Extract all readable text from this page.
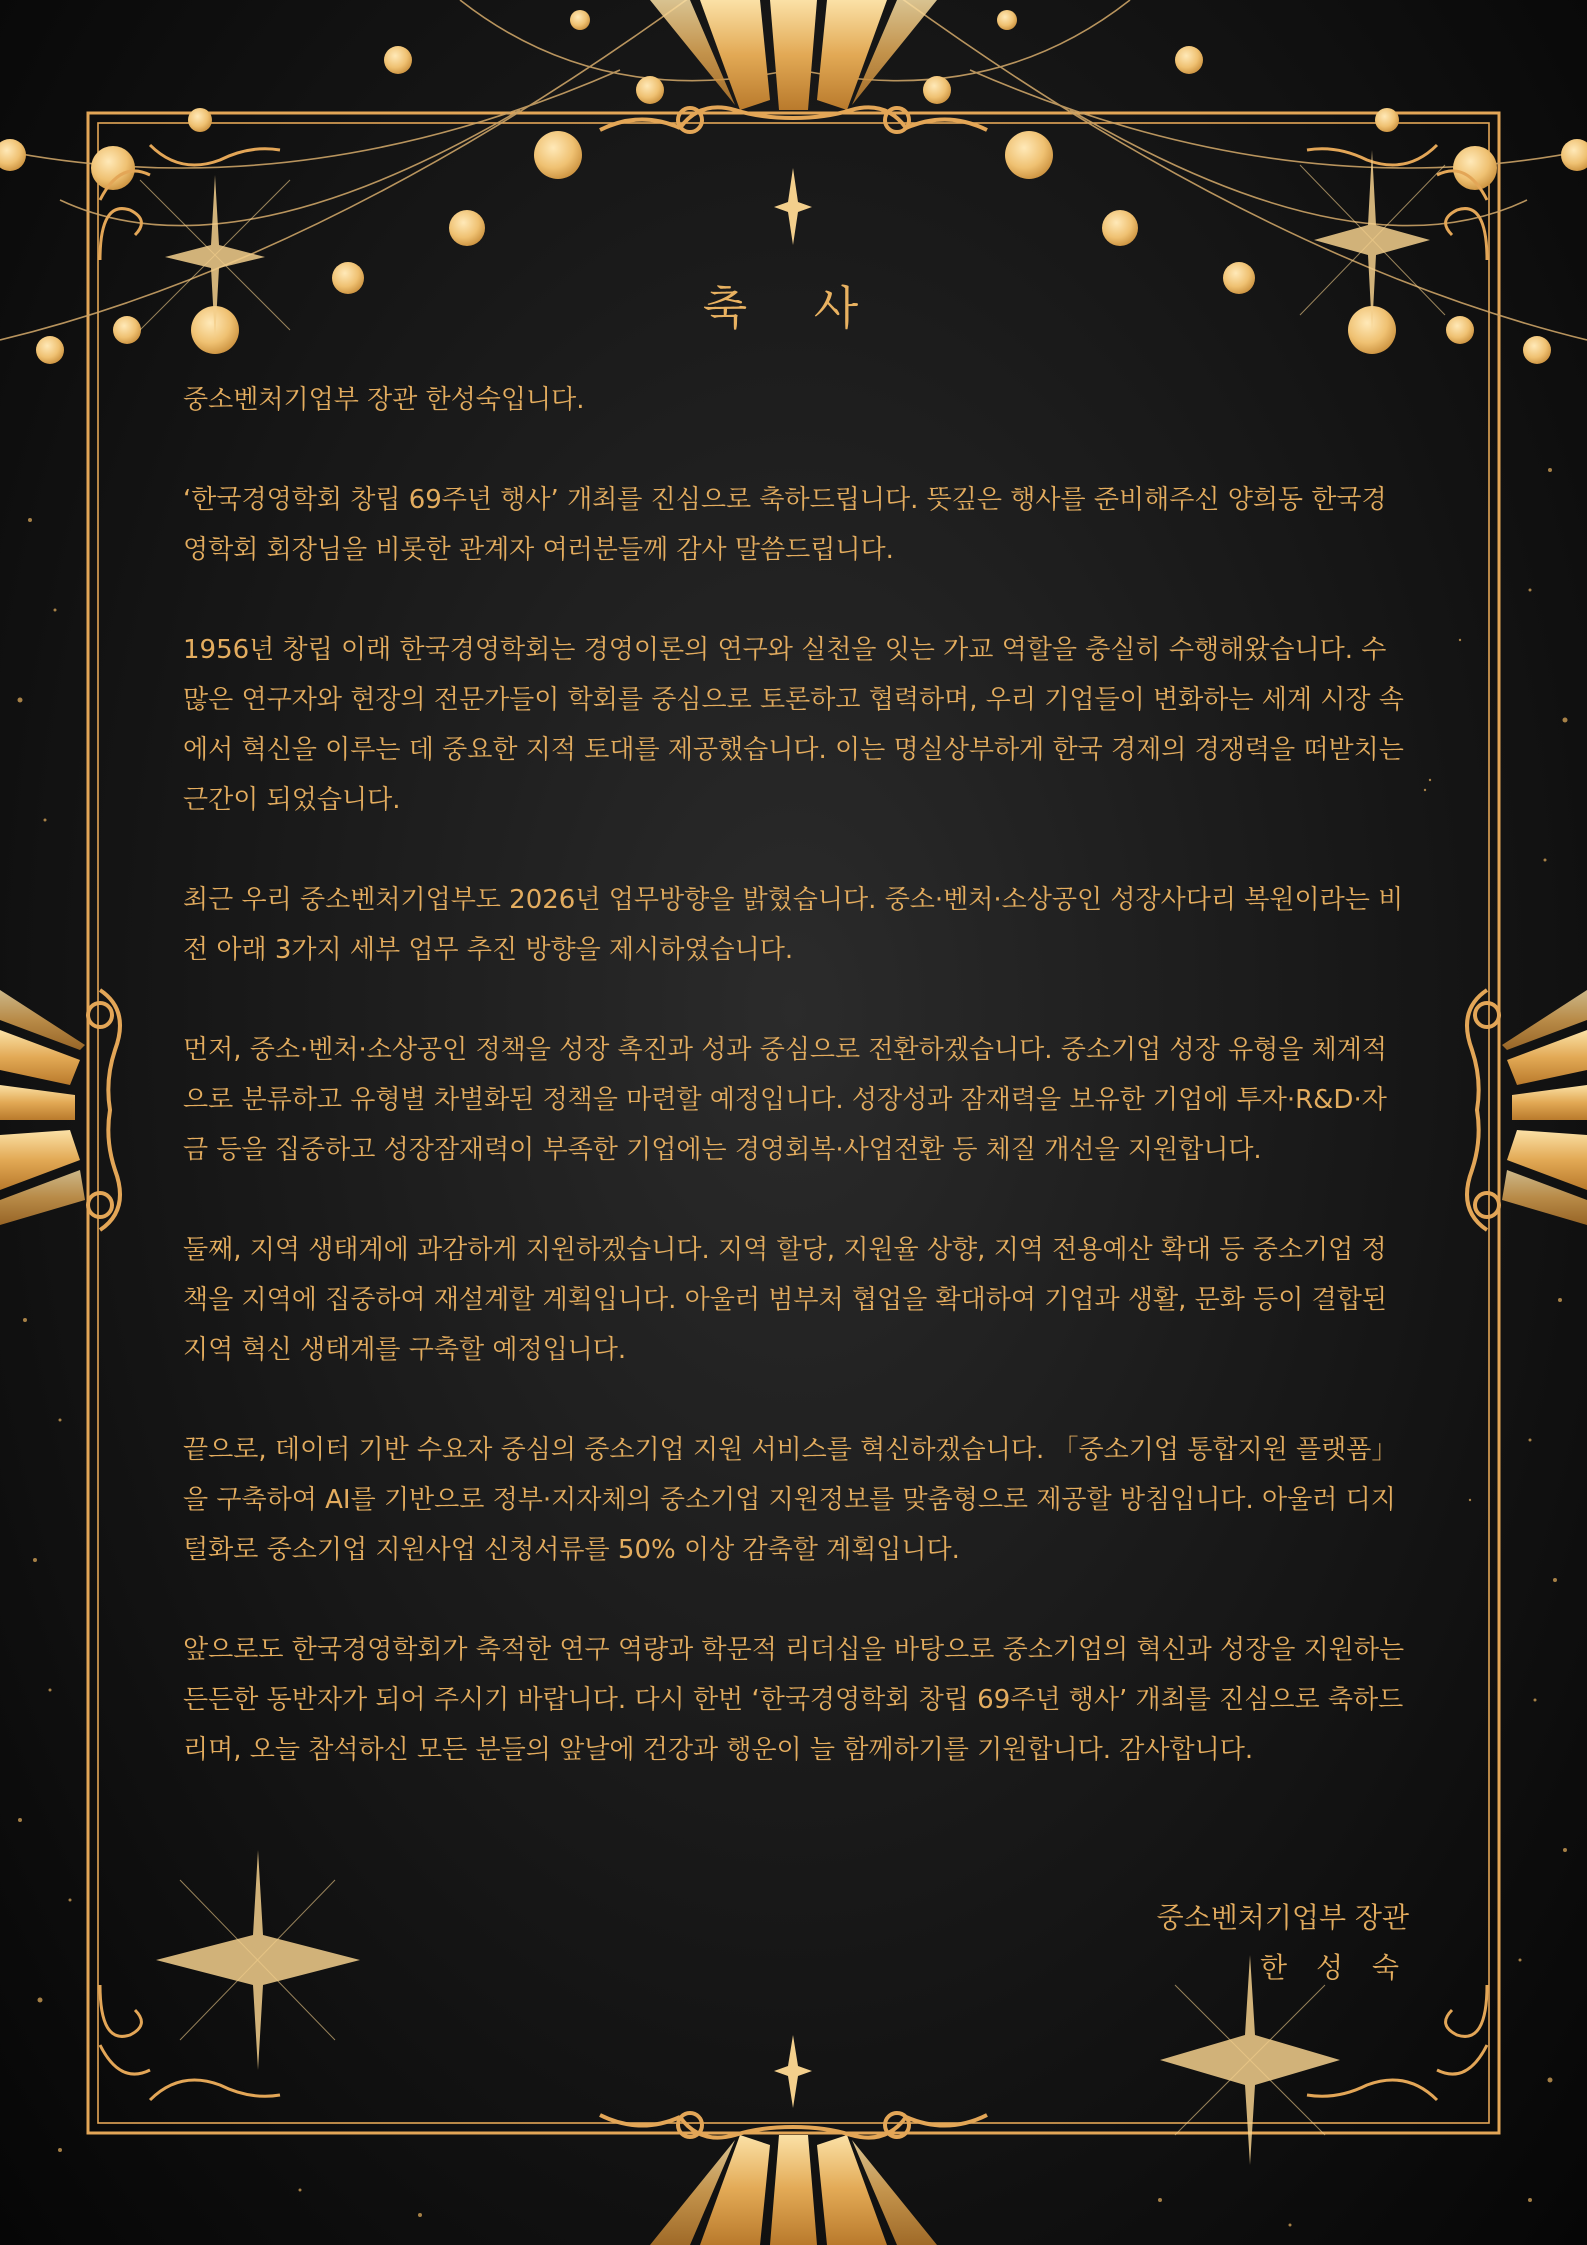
축 사

중소벤처기업부 장관 한성숙입니다.

‘한국경영학회 창립 69주년 행사’ 개최를 진심으로 축하드립니다. 뜻깊은 행사를 준비해주신 양희동 한국경영학회 회장님을 비롯한 관계자 여러분들께 감사 말씀드립니다.

1956년 창립 이래 한국경영학회는 경영이론의 연구와 실천을 잇는 가교 역할을 충실히 수행해왔습니다. 수많은 연구자와 현장의 전문가들이 학회를 중심으로 토론하고 협력하며, 우리 기업들이 변화하는 세계 시장 속에서 혁신을 이루는 데 중요한 지적 토대를 제공했습니다. 이는 명실상부하게 한국 경제의 경쟁력을 떠받치는 근간이 되었습니다.

최근 우리 중소벤처기업부도 2026년 업무방향을 밝혔습니다. 중소·벤처·소상공인 성장사다리 복원이라는 비전 아래 3가지 세부 업무 추진 방향을 제시하였습니다.

먼저, 중소·벤처·소상공인 정책을 성장 촉진과 성과 중심으로 전환하겠습니다. 중소기업 성장 유형을 체계적으로 분류하고 유형별 차별화된 정책을 마련할 예정입니다. 성장성과 잠재력을 보유한 기업에 투자·R&D·자금 등을 집중하고 성장잠재력이 부족한 기업에는 경영회복·사업전환 등 체질 개선을 지원합니다.

둘째, 지역 생태계에 과감하게 지원하겠습니다. 지역 할당, 지원율 상향, 지역 전용예산 확대 등 중소기업 정책을 지역에 집중하여 재설계할 계획입니다. 아울러 범부처 협업을 확대하여 기업과 생활, 문화 등이 결합된 지역 혁신 생태계를 구축할 예정입니다.

끝으로, 데이터 기반 수요자 중심의 중소기업 지원 서비스를 혁신하겠습니다. 「중소기업 통합지원 플랫폼」을 구축하여 AI를 기반으로 정부·지자체의 중소기업 지원정보를 맞춤형으로 제공할 방침입니다. 아울러 디지털화로 중소기업 지원사업 신청서류를 50% 이상 감축할 계획입니다.

앞으로도 한국경영학회가 축적한 연구 역량과 학문적 리더십을 바탕으로 중소기업의 혁신과 성장을 지원하는 든든한 동반자가 되어 주시기 바랍니다. 다시 한번 ‘한국경영학회 창립 69주년 행사’ 개최를 진심으로 축하드리며, 오늘 참석하신 모든 분들의 앞날에 건강과 행운이 늘 함께하기를 기원합니다. 감사합니다.

중소벤처기업부 장관
한 성 숙
